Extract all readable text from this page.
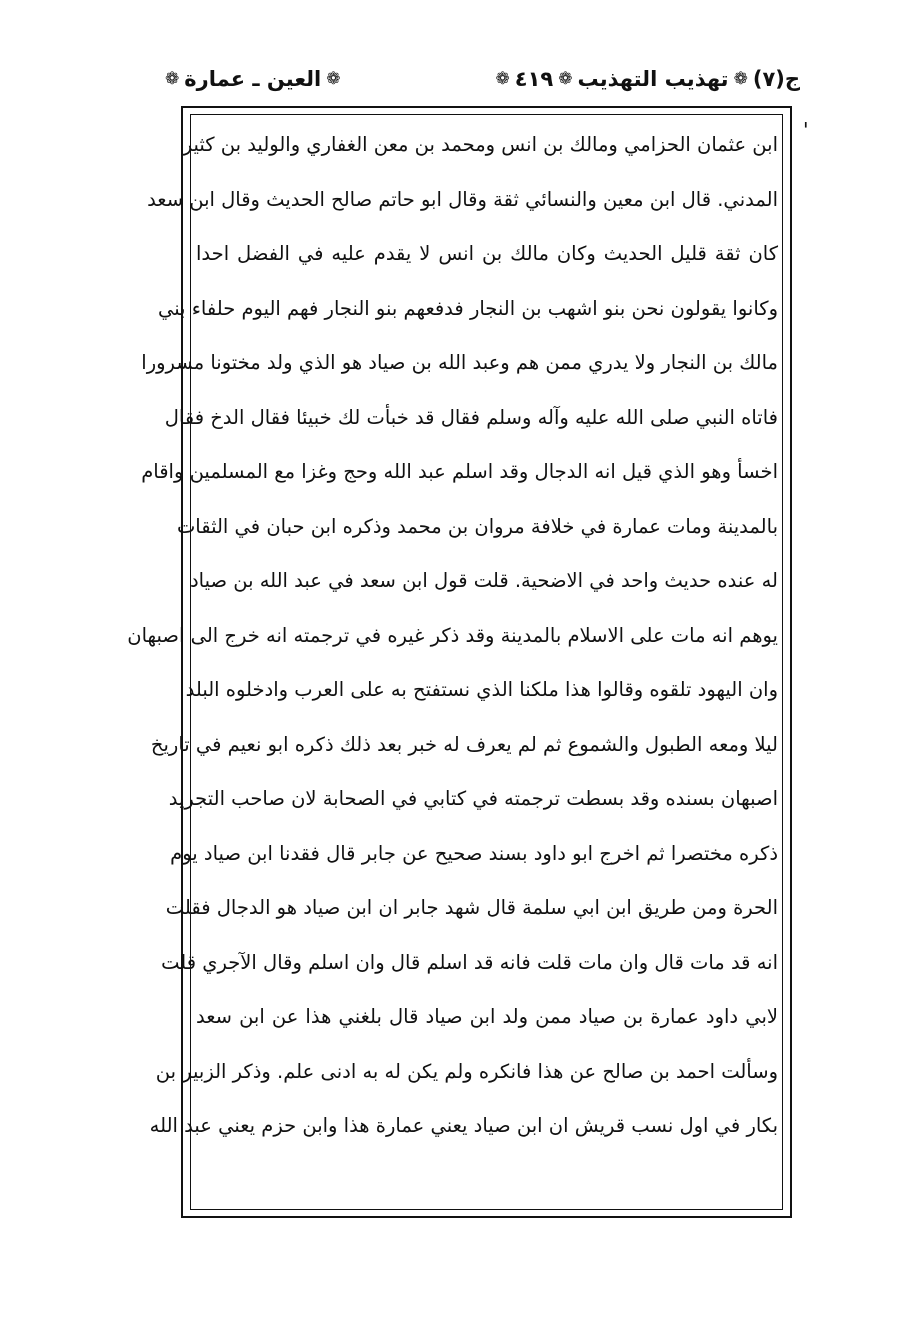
ج(٧)
❁
تهذيب التهذيب
❁
٤١٩
❁
❁
العين ـ عمارة
❁
'
ابن عثمان الحزامي ومالك بن انس ومحمد بن معن الغفاري والوليد بن كثير
المدني. قال ابن معين والنسائي ثقة وقال ابو حاتم صالح الحديث وقال ابن سعد
كان ثقة قليل الحديث وكان مالك بن انس لا يقدم عليه في الفضل احدا
وكانوا يقولون نحن بنو اشهب بن النجار فدفعهم بنو النجار فهم اليوم حلفاء بني
مالك بن النجار ولا يدري ممن هم وعبد الله بن صياد هو الذي ولد مختونا مسرورا
فاتاه النبي صلى الله عليه وآله وسلم فقال قد خبأت لك خبيئا فقال الدخ فقال
اخسأ وهو الذي قيل انه الدجال وقد اسلم عبد الله وحج وغزا مع المسلمين واقام
بالمدينة ومات عمارة في خلافة مروان بن محمد وذكره ابن حبان في الثقات
له عنده حديث واحد في الاضحية. قلت قول ابن سعد في عبد الله بن صياد
يوهم انه مات على الاسلام بالمدينة وقد ذكر غيره في ترجمته انه خرج الى اصبهان
وان اليهود تلقوه وقالوا هذا ملكنا الذي نستفتح به على العرب وادخلوه البلد
ليلا ومعه الطبول والشموع ثم لم يعرف له خبر بعد ذلك ذكره ابو نعيم في تاريخ
اصبهان بسنده وقد بسطت ترجمته في كتابي في الصحابة لان صاحب التجريد
ذكره مختصرا ثم اخرج ابو داود بسند صحيح عن جابر قال فقدنا ابن صياد يوم
الحرة ومن طريق ابن ابي سلمة قال شهد جابر ان ابن صياد هو الدجال فقلت
انه قد مات قال وان مات قلت فانه قد اسلم قال وان اسلم وقال الآجري قلت
لابي داود عمارة بن صياد ممن ولد ابن صياد قال بلغني هذا عن ابن سعد
وسألت احمد بن صالح عن هذا فانكره ولم يكن له به ادنى علم. وذكر الزبير بن
بكار في اول نسب قريش ان ابن صياد يعني عمارة هذا وابن حزم يعني عبد الله
